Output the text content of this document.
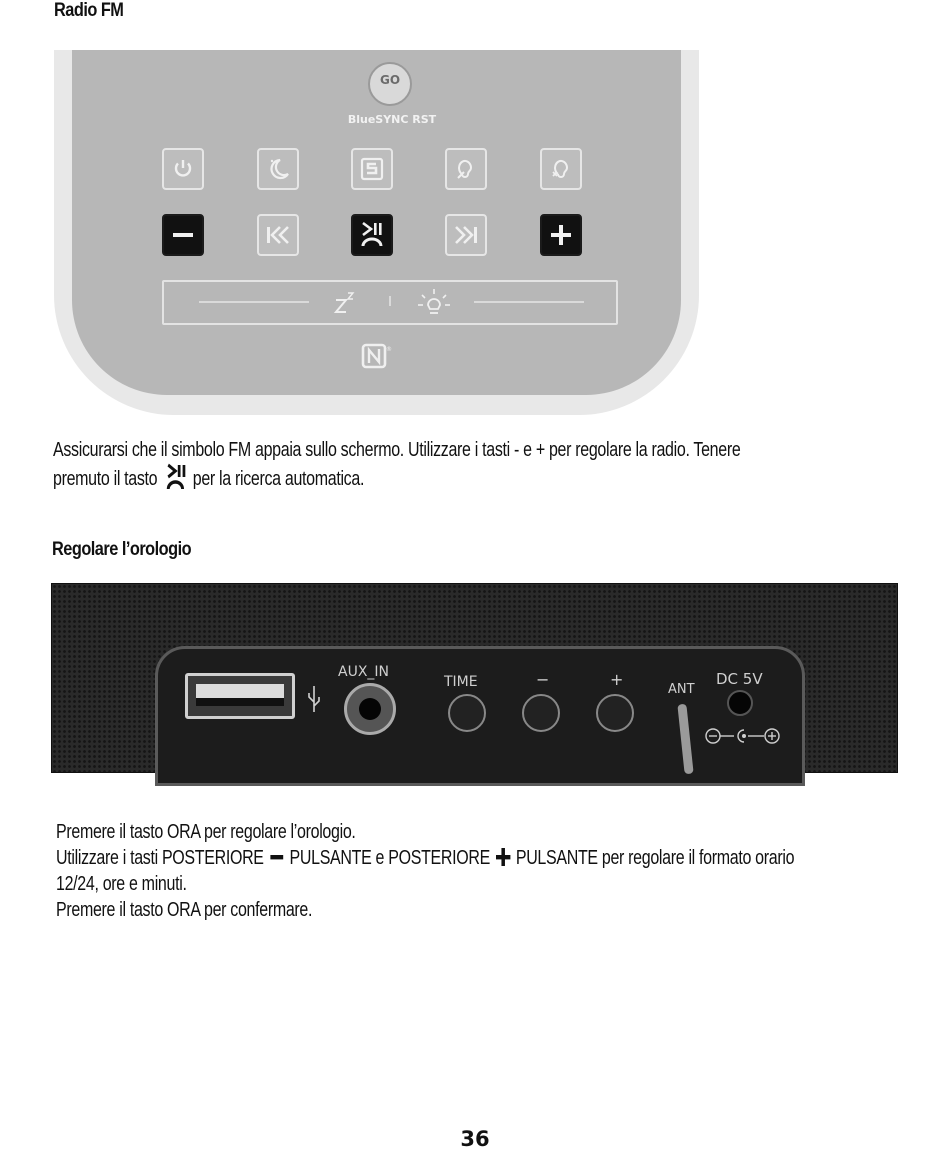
Radio FM
GO
BlueSYNC RST
®

Assicurarsi che il simbolo FM appaia sullo schermo. Utilizzare i tasti - e + per regolare la radio. Tenere
premuto il tasto per la ricerca automatica.

Regolare l’orologio
AUX_IN
TIME	−	+
ANT
DC 5V

Premere il tasto ORA per regolare l’orologio.
Utilizzare i tasti POSTERIORE PULSANTE e POSTERIORE PULSANTE per regolare il formato orario
12/24, ore e minuti.
Premere il tasto ORA per confermare.

36
